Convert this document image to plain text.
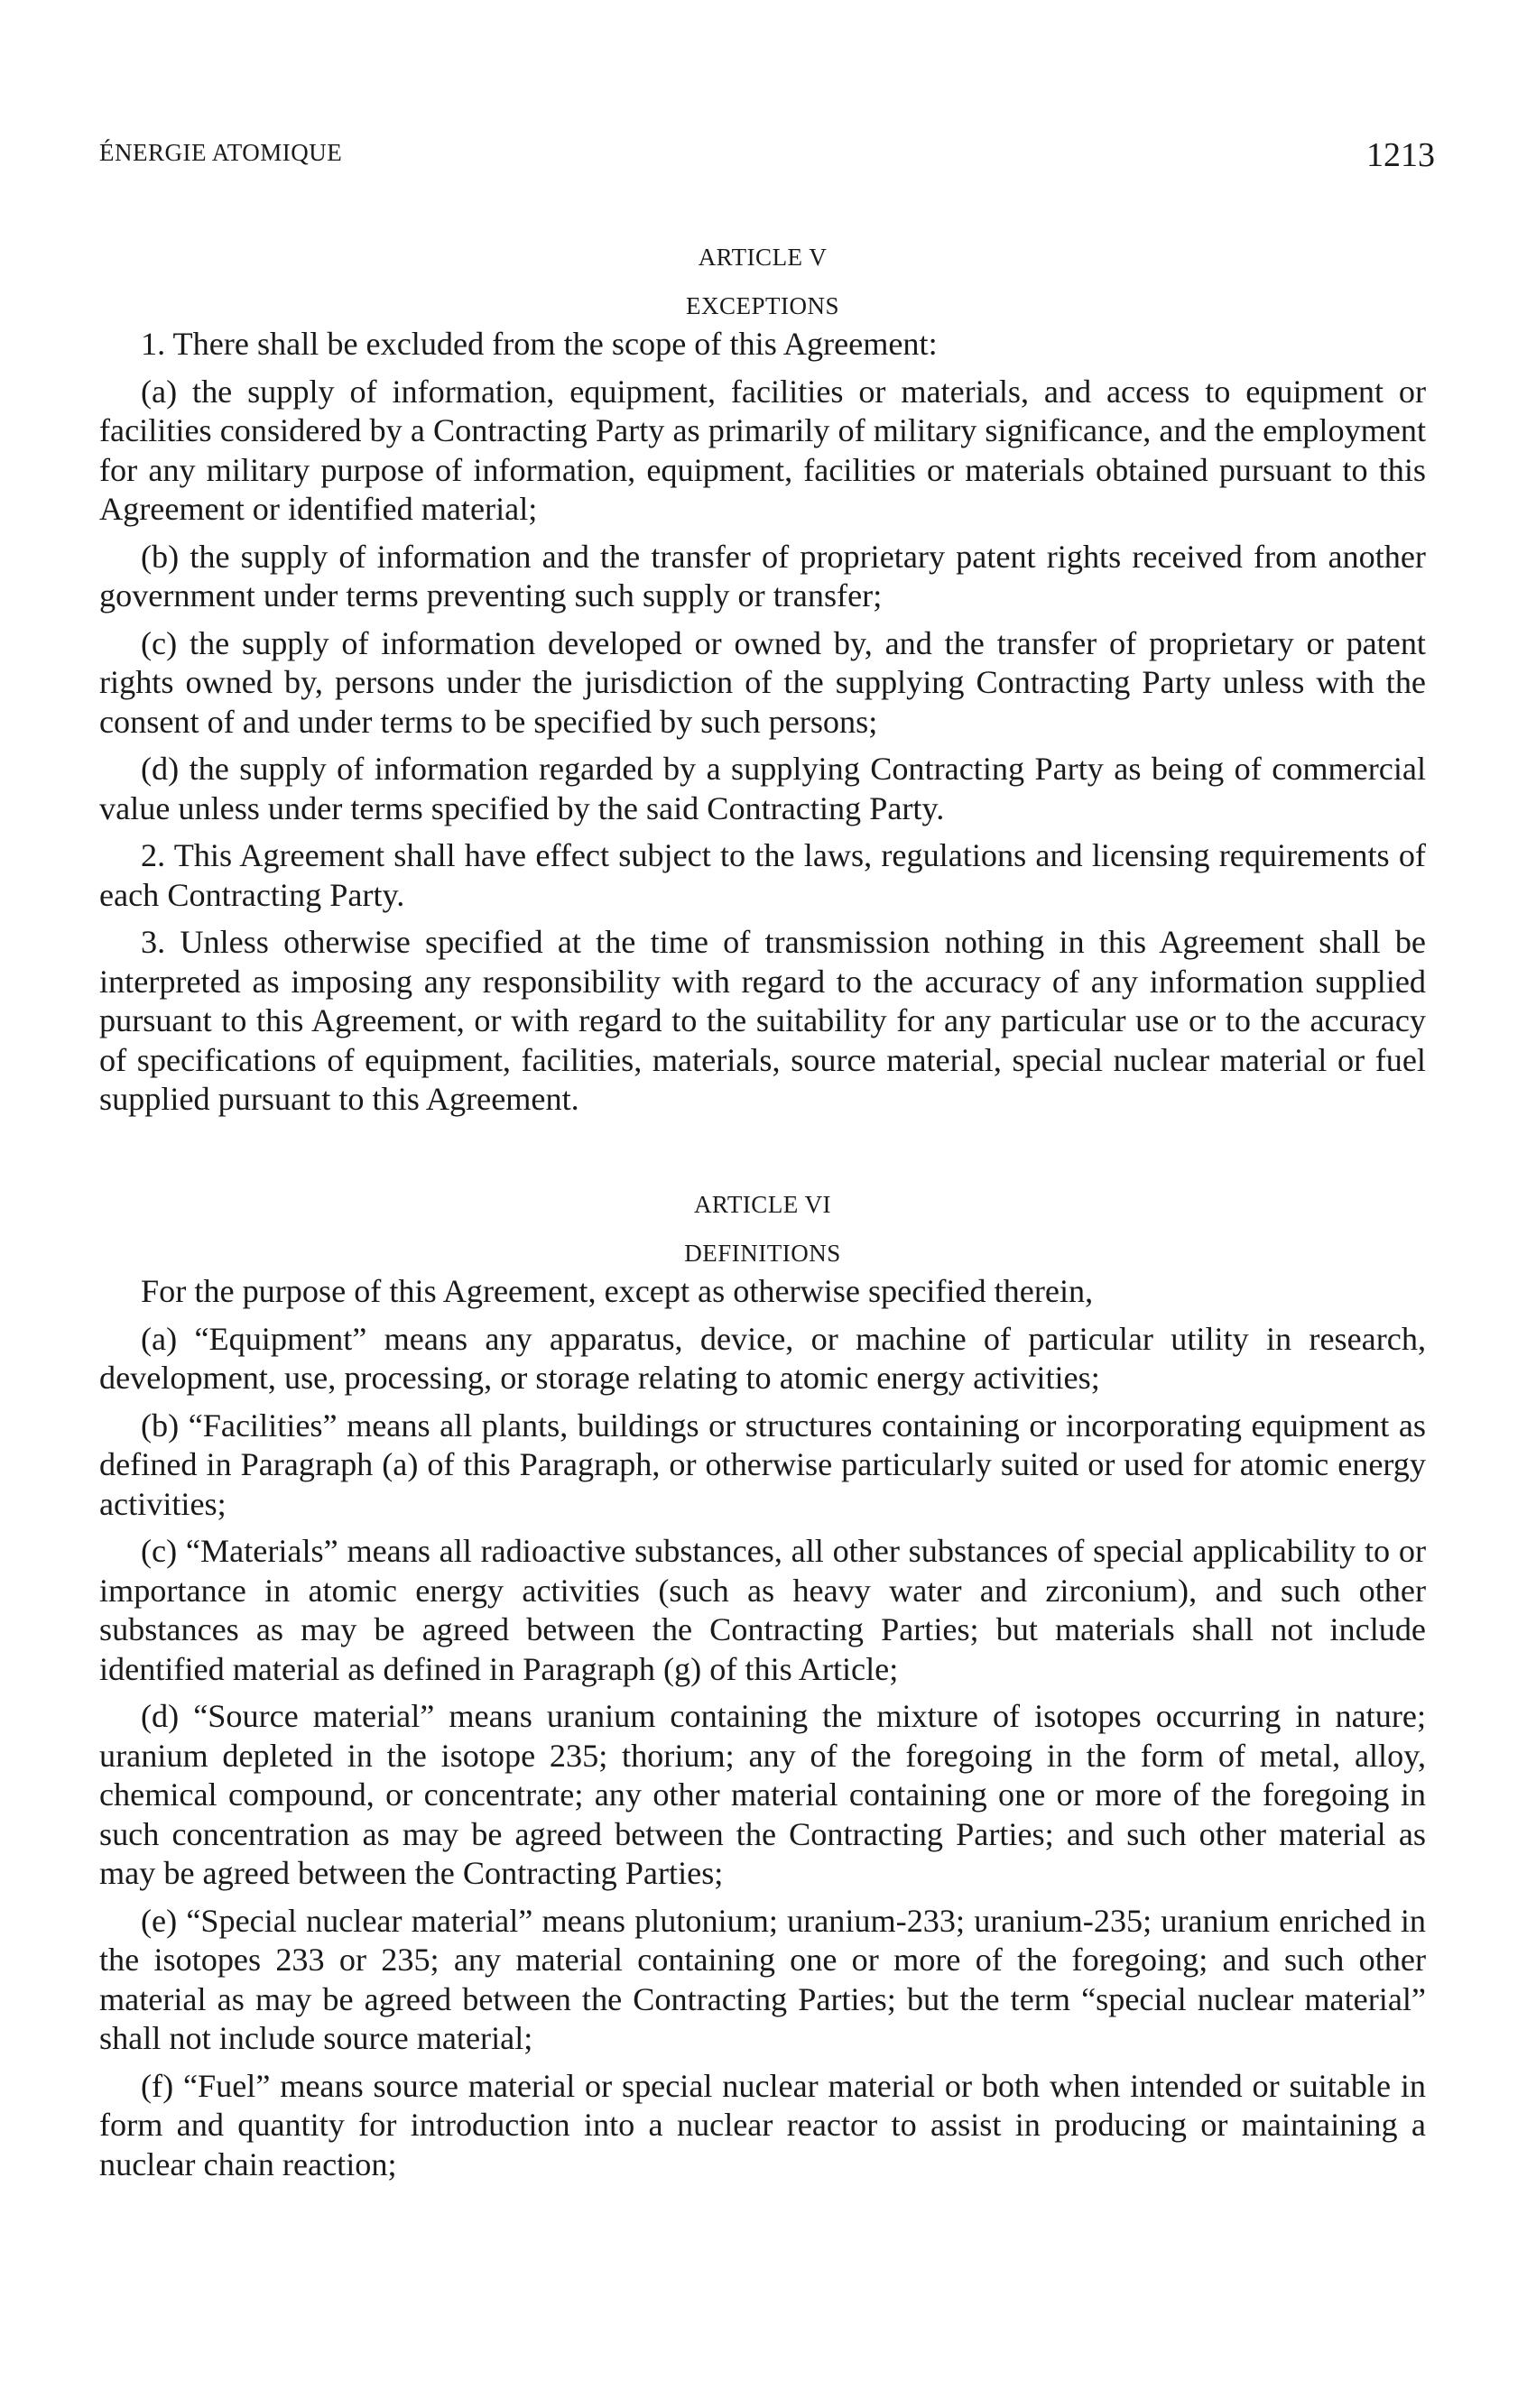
ÉNERGIE ATOMIQUE	1213

ARTICLE V

EXCEPTIONS

1. There shall be excluded from the scope of this Agreement:

(a) the supply of information, equipment, facilities or materials, and access to equipment or facilities considered by a Contracting Party as primarily of military significance, and the employment for any military purpose of information, equipment, facilities or materials obtained pursuant to this Agreement or identified material;

(b) the supply of information and the transfer of proprietary patent rights received from another government under terms preventing such supply or transfer;

(c) the supply of information developed or owned by, and the transfer of proprietary or patent rights owned by, persons under the jurisdiction of the supplying Contracting Party unless with the consent of and under terms to be specified by such persons;

(d) the supply of information regarded by a supplying Contracting Party as being of commercial value unless under terms specified by the said Contracting Party.

2. This Agreement shall have effect subject to the laws, regulations and licensing requirements of each Contracting Party.

3. Unless otherwise specified at the time of transmission nothing in this Agreement shall be interpreted as imposing any responsibility with regard to the accuracy of any information supplied pursuant to this Agreement, or with regard to the suitability for any particular use or to the accuracy of specifications of equipment, facilities, materials, source material, special nuclear material or fuel supplied pursuant to this Agreement.

ARTICLE VI

DEFINITIONS

For the purpose of this Agreement, except as otherwise specified therein,

(a) “Equipment” means any apparatus, device, or machine of particular utility in research, development, use, processing, or storage relating to atomic energy activities;

(b) “Facilities” means all plants, buildings or structures containing or incorporating equipment as defined in Paragraph (a) of this Paragraph, or otherwise particularly suited or used for atomic energy activities;

(c) “Materials” means all radioactive substances, all other substances of special applicability to or importance in atomic energy activities (such as heavy water and zirconium), and such other substances as may be agreed between the Contracting Parties; but materials shall not include identified material as defined in Paragraph (g) of this Article;

(d) “Source material” means uranium containing the mixture of isotopes occurring in nature; uranium depleted in the isotope 235; thorium; any of the foregoing in the form of metal, alloy, chemical compound, or concentrate; any other material containing one or more of the foregoing in such concentration as may be agreed between the Contracting Parties; and such other material as may be agreed between the Contracting Parties;

(e) “Special nuclear material” means plutonium; uranium-233; uranium-235; uranium enriched in the isotopes 233 or 235; any material containing one or more of the foregoing; and such other material as may be agreed between the Contracting Parties; but the term “special nuclear material” shall not include source material;

(f) “Fuel” means source material or special nuclear material or both when intended or suitable in form and quantity for introduction into a nuclear reactor to assist in producing or maintaining a nuclear chain reaction;
